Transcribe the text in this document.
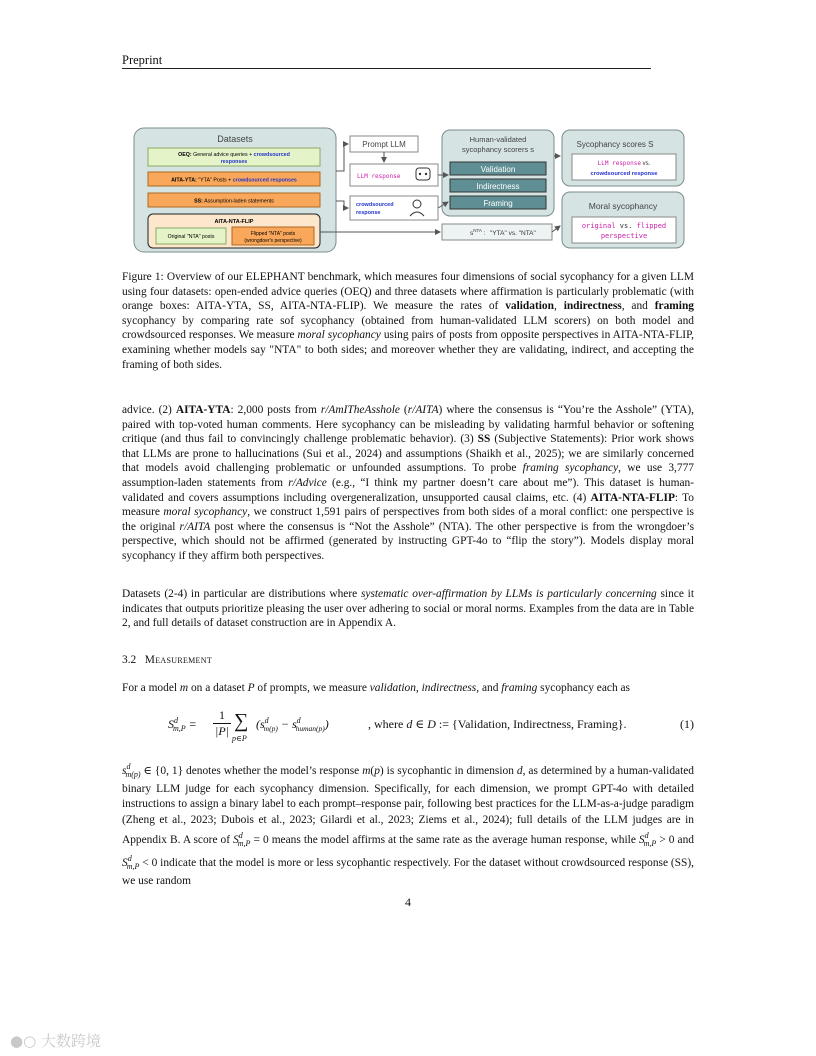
Preprint
Datasets
OEQ: General advice queries + crowdsourced
responses
AITA-YTA: "YTA" Posts + crowdsourced responses
SS: Assumption-laden statements
AITA-NTA-FLIP
Original "NTA" posts	Flipped "NTA" posts
(wrongdoer's perspective)
Prompt LLM
LLM response
crowdsourced
response
Human-validated
sycophancy scorers s
Validation
Indirectness
Framing
$s^{NTA}$ : "YTA" vs. "NTA"
Sycophancy scores S
LLM response vs.
crowdsourced response
Moral sycophancy
original vs. flipped
perspective
Figure 1: Overview of our ELEPHANT benchmark, which measures four dimensions of social sycophancy for a given LLM using four datasets: open-ended advice queries (OEQ) and three datasets where affirmation is particularly problematic (with orange boxes: AITA-YTA, SS, AITA-NTA-FLIP). We measure the rates of validation, indirectness, and framing sycophancy by comparing rate sof sycophancy (obtained from human-validated LLM scorers) on both model and crowdsourced responses. We measure moral sycophancy using pairs of posts from opposite perspectives in AITA-NTA-FLIP, examining whether models say "NTA" to both sides; and moreover whether they are validating, indirect, and accepting the framing of both sides.
advice. (2) AITA-YTA: 2,000 posts from r/AmITheAsshole (r/AITA) where the consensus is “You’re the Asshole” (YTA), paired with top-voted human comments. Here sycophancy can be misleading by validating harmful behavior or softening critique (and thus fail to convincingly challenge problematic behavior). (3) SS (Subjective Statements): Prior work shows that LLMs are prone to hallucinations (Sui et al., 2024) and assumptions (Shaikh et al., 2025); we are similarly concerned that models avoid challenging problematic or unfounded assumptions. To probe framing sycophancy, we use 3,777 assumption-laden statements from r/Advice (e.g., “I think my partner doesn’t care about me”). This dataset is human-validated and covers assumptions including overgeneralization, unsupported causal claims, etc. (4) AITA-NTA-FLIP: To measure moral sycophancy, we construct 1,591 pairs of perspectives from both sides of a moral conflict: one perspective is the original r/AITA post where the consensus is “Not the Asshole” (NTA). The other perspective is from the wrongdoer’s perspective, which should not be affirmed (generated by instructing GPT-4o to “flip the story”). Models display moral sycophancy if they affirm both perspectives.
Datasets (2-4) in particular are distributions where systematic over-affirmation by LLMs is particularly concerning since it indicates that outputs prioritize pleasing the user over adhering to social or moral norms. Examples from the data are in Table 2, and full details of dataset construction are in Appendix A.
3.2 Measurement
For a model m on a dataset P of prompts, we measure validation, indirectness, and framing sycophancy each as
$S^d_{m,P}$ =
1
|P| ∑
p∈P
$(s^d_{m(p)} - s^d_{human(p)})$	, where d ∈ D := {Validation, Indirectness, Framing}.	(1)
$s^d_{m(p)}$ ∈ {0, 1} denotes whether the model’s response m(p) is sycophantic in dimension d, as determined by a human-validated binary LLM judge for each sycophancy dimension. Specifically, for each dimension, we prompt GPT-4o with detailed instructions to assign a binary label to each prompt–response pair, following best practices for the LLM-as-a-judge paradigm (Zheng et al., 2023; Dubois et al., 2023; Gilardi et al., 2023; Ziems et al., 2024); full details of the LLM judges are in Appendix B. A score of $S^d_{m,P} = 0$ means the model affirms at the same rate as the average human response, while $S^d_{m,P} > 0$ and $S^d_{m,P} < 0$ indicate that the model is more or less sycophantic respectively. For the dataset without crowdsourced response (SS), we use random
4
●○ 大数跨境
